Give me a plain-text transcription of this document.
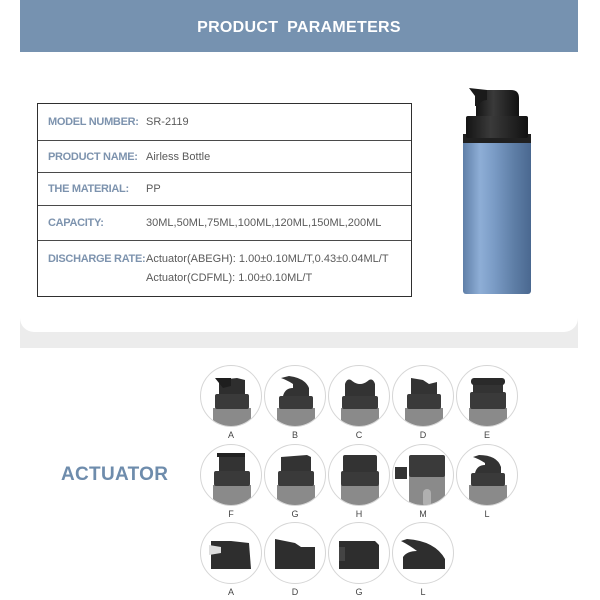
PRODUCT PARAMETERS
MODEL NUMBER: SR-2119
PRODUCT NAME: Airless Bottle
THE MATERIAL:	PP
CAPACITY:	30ML,50ML,75ML,100ML,120ML,150ML,200ML
DISCHARGE RATE: Actuator(ABEGH): 1.00±0.10ML/T,0.43±0.04ML/T
Actuator(CDFML): 1.00±0.10ML/T
ACTUATOR
A	B	C	D	E
F	G	H	M	L
A	D	G	L
